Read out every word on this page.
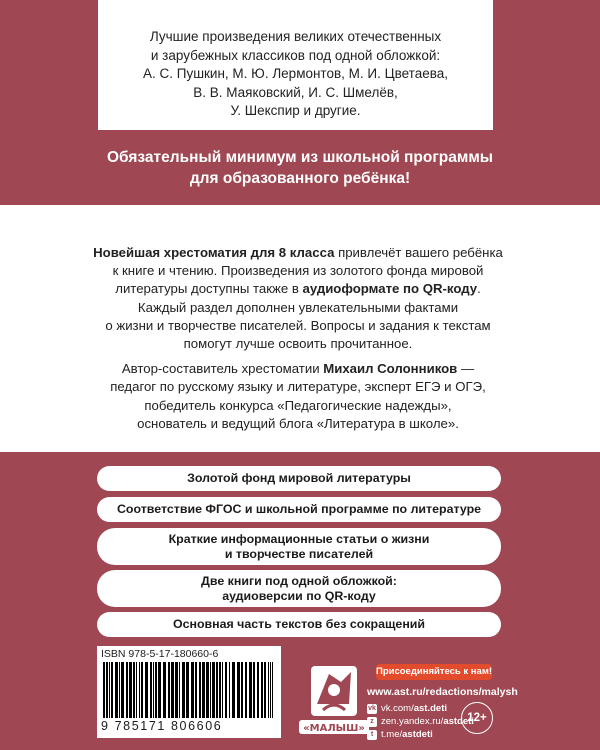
Лучшие произведения великих отечественных
и зарубежных классиков под одной обложкой:
А. С. Пушкин, М. Ю. Лермонтов, М. И. Цветаева,
В. В. Маяковский, И. С. Шмелёв,
У. Шекспир и другие.
Обязательный минимум из школьной программы
для образованного ребёнка!
Новейшая хрестоматия для 8 класса привлечёт вашего ребёнка
к книге и чтению. Произведения из золотого фонда мировой
литературы доступны также в аудиоформате по QR-коду.
Каждый раздел дополнен увлекательными фактами
о жизни и творчестве писателей. Вопросы и задания к текстам
помогут лучше освоить прочитанное.
Автор-составитель хрестоматии Михаил Солонников —
педагог по русскому языку и литературе, эксперт ЕГЭ и ОГЭ,
победитель конкурса «Педагогические надежды»,
основатель и ведущий блога «Литература в школе».
Золотой фонд мировой литературы
Соответствие ФГОС и школьной программе по литературе
Краткие информационные статьи о жизни
и творчестве писателей
Две книги под одной обложкой:
аудиоверсии по QR-коду
Основная часть текстов без сокращений
ISBN 978-5-17-180660-6
9 785171 806606	«МАЛЫШ»
Присоединяйтесь к нам!
www.ast.ru/redactions/malysh
vk vk.com/ ast.deti
z zen.yandex.ru/ astdeti
t t.me/ astdeti
12+
